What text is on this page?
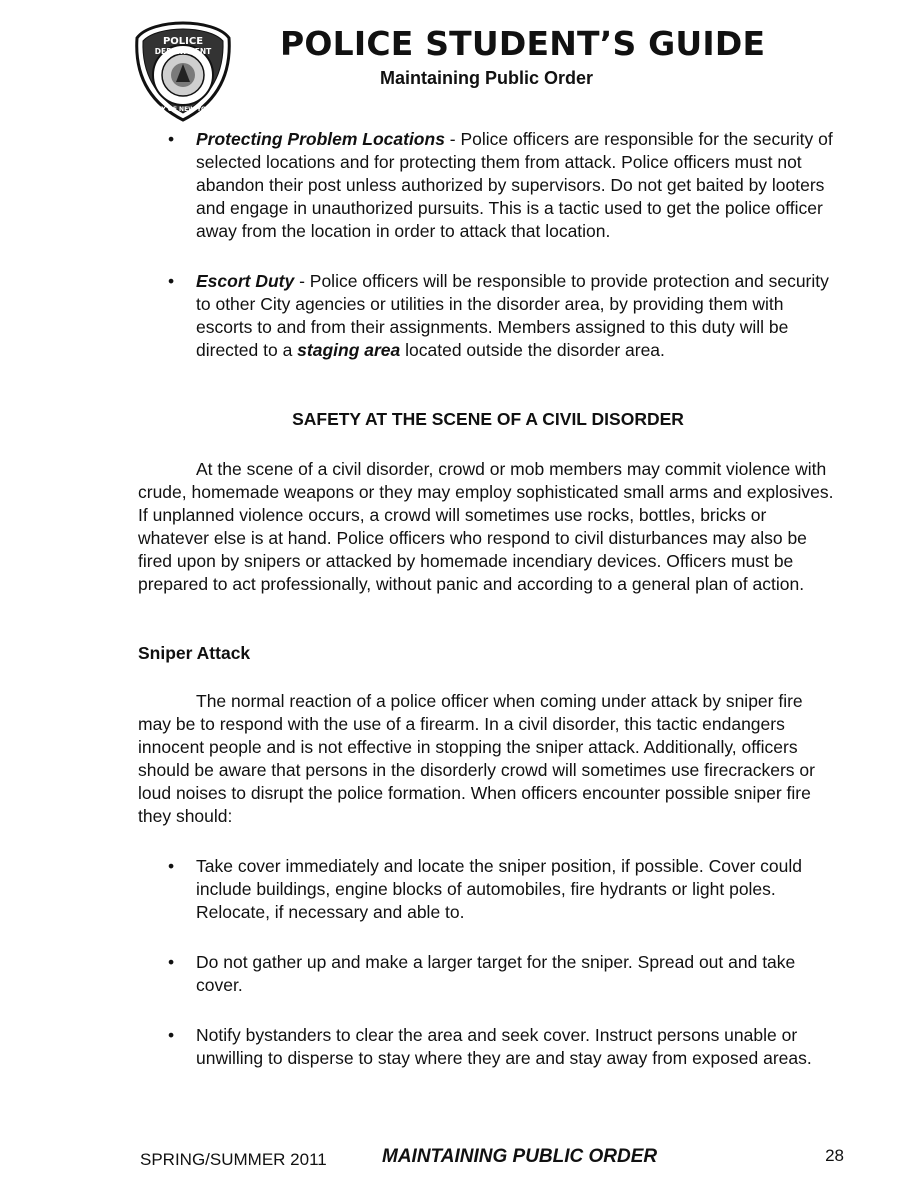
POLICE
DEPARTMENT
CITY OF NEW YORK
POLICE STUDENT’S GUIDE
Maintaining Public Order

• Protecting Problem Locations - Police officers are responsible for the security of selected locations and for protecting them from attack. Police officers must not abandon their post unless authorized by supervisors. Do not get baited by looters and engage in unauthorized pursuits. This is a tactic used to get the police officer away from the location in order to attack that location.

• Escort Duty - Police officers will be responsible to provide protection and security to other City agencies or utilities in the disorder area, by providing them with escorts to and from their assignments. Members assigned to this duty will be directed to a staging area located outside the disorder area.

SAFETY AT THE SCENE OF A CIVIL DISORDER

At the scene of a civil disorder, crowd or mob members may commit violence with crude, homemade weapons or they may employ sophisticated small arms and explosives. If unplanned violence occurs, a crowd will sometimes use rocks, bottles, bricks or whatever else is at hand. Police officers who respond to civil disturbances may also be fired upon by snipers or attacked by homemade incendiary devices. Officers must be prepared to act professionally, without panic and according to a general plan of action.

Sniper Attack

The normal reaction of a police officer when coming under attack by sniper fire may be to respond with the use of a firearm. In a civil disorder, this tactic endangers innocent people and is not effective in stopping the sniper attack. Additionally, officers should be aware that persons in the disorderly crowd will sometimes use firecrackers or loud noises to disrupt the police formation. When officers encounter possible sniper fire they should:

• Take cover immediately and locate the sniper position, if possible. Cover could include buildings, engine blocks of automobiles, fire hydrants or light poles. Relocate, if necessary and able to.

• Do not gather up and make a larger target for the sniper. Spread out and take cover.

• Notify bystanders to clear the area and seek cover. Instruct persons unable or unwilling to disperse to stay where they are and stay away from exposed areas.

SPRING/SUMMER 2011	MAINTAINING PUBLIC ORDER	28
